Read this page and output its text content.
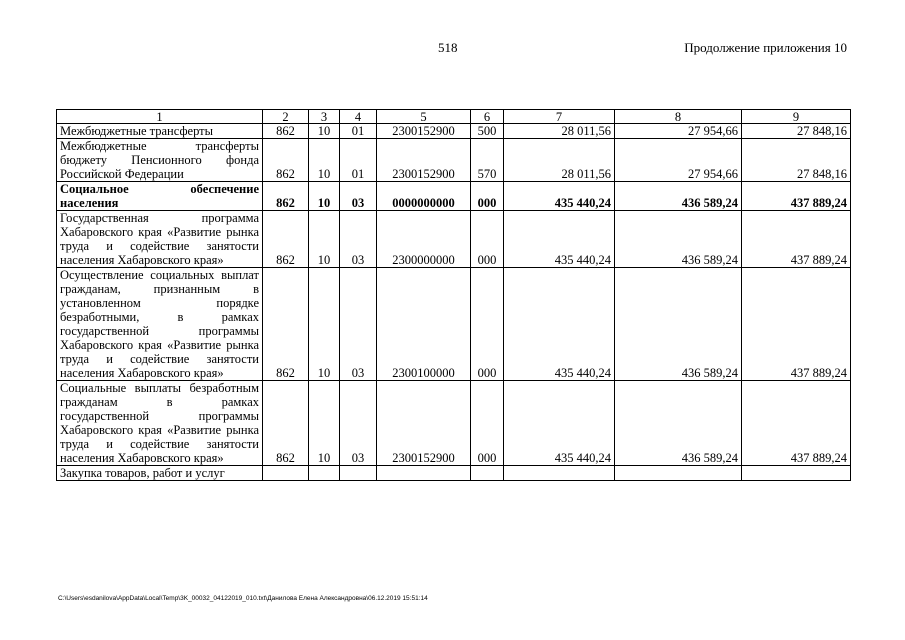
518	Продолжение приложения 10
1	2	3	4	5	6	7	8	9
Межбюджетные трансферты	862	10	01	2300152900	500	28 011,56	27 954,66	27 848,16
Межбюджетные трансферты бюджету Пенсионного фонда Российской Федерации	862	10	01	2300152900	570	28 011,56	27 954,66	27 848,16
Социальное обеспечение населения	862	10	03	0000000000	000	435 440,24	436 589,24	437 889,24
Государственная программа Хабаровского края «Развитие рынка труда и содействие занятости населения Хабаровского края»	862	10	03	2300000000	000	435 440,24	436 589,24	437 889,24
Осуществление социальных выплат гражданам, признанным в установленном порядке безработными, в рамках государственной программы Хабаровского края «Развитие рынка труда и содействие занятости населения Хабаровского края»	862	10	03	2300100000	000	435 440,24	436 589,24	437 889,24
Социальные выплаты безработным гражданам в рамках государственной программы Хабаровского края «Развитие рынка труда и содействие занятости населения Хабаровского края»	862	10	03	2300152900	000	435 440,24	436 589,24	437 889,24
Закупка товаров, работ и услуг								
C:\Users\esdanilova\AppData\Local\Temp\3K_00032_04122019_010.txt\Данилова Елена Александровна\06.12.2019 15:51:14
